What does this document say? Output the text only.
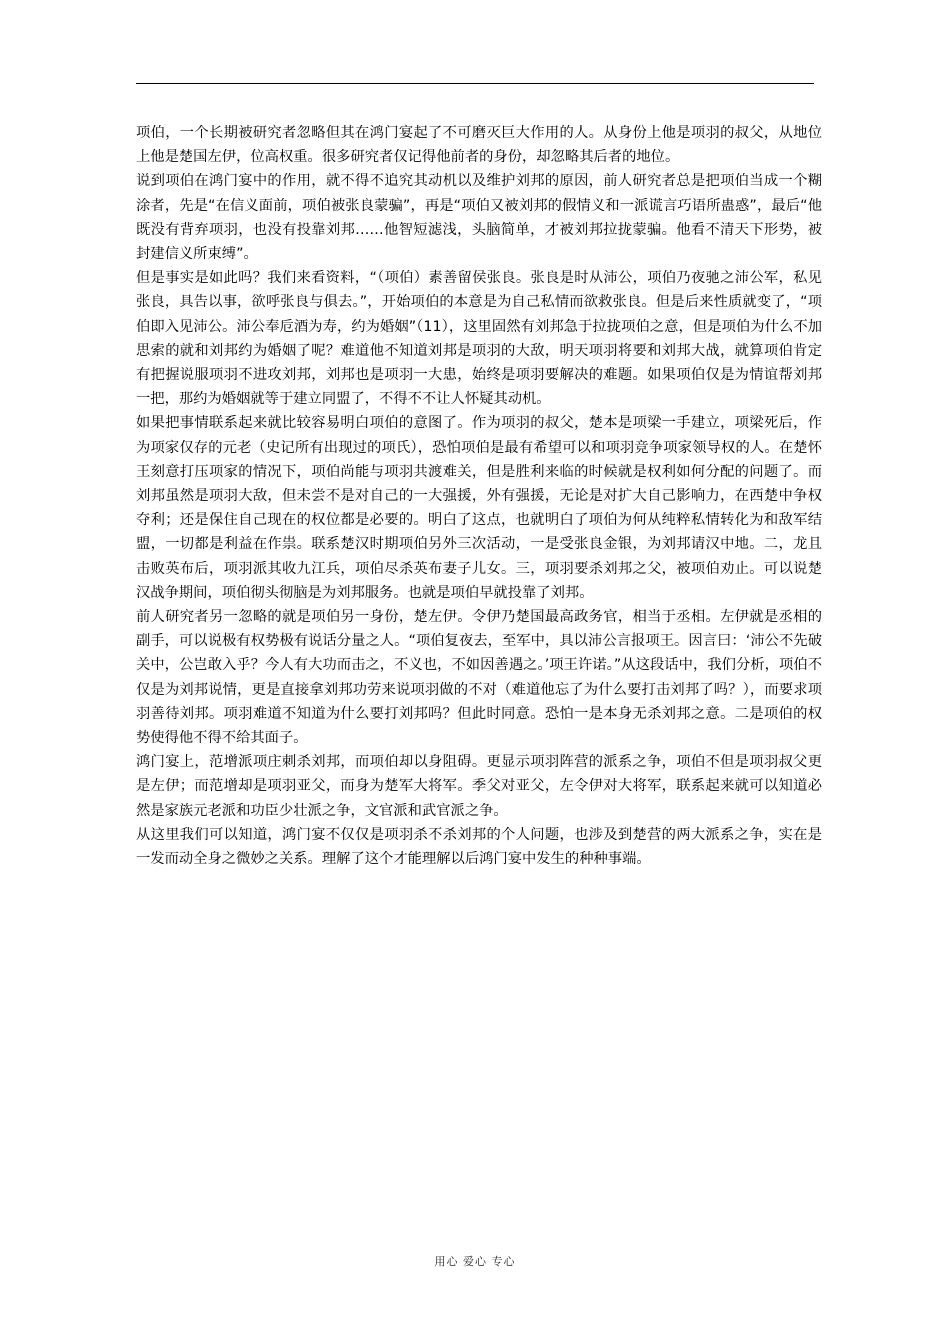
项伯，一个长期被研究者忽略但其在鸿门宴起了不可磨灭巨大作用的人。从身份上他是项羽的叔父，从地位上他是楚国左伊，位高权重。很多研究者仅记得他前者的身份，却忽略其后者的地位。

说到项伯在鸿门宴中的作用，就不得不追究其动机以及维护刘邦的原因，前人研究者总是把项伯当成一个糊涂者，先是“在信义面前，项伯被张良蒙骗”，再是“项伯又被刘邦的假情义和一派谎言巧语所蛊惑”，最后“他既没有背弃项羽，也没有投靠刘邦……他智短滤浅，头脑简单，才被刘邦拉拢蒙骗。他看不清天下形势，被封建信义所束缚”。

但是事实是如此吗？我们来看资料，“（项伯）素善留侯张良。张良是时从沛公，项伯乃夜驰之沛公军，私见张良，具告以事，欲呼张良与俱去。”，开始项伯的本意是为自己私情而欲救张良。但是后来性质就变了，“项伯即入见沛公。沛公奉卮酒为寿，约为婚姻”（11），这里固然有刘邦急于拉拢项伯之意，但是项伯为什么不加思索的就和刘邦约为婚姻了呢？难道他不知道刘邦是项羽的大敌，明天项羽将要和刘邦大战，就算项伯肯定有把握说服项羽不进攻刘邦，刘邦也是项羽一大患，始终是项羽要解决的难题。如果项伯仅是为情谊帮刘邦一把，那约为婚姻就等于建立同盟了，不得不不让人怀疑其动机。

如果把事情联系起来就比较容易明白项伯的意图了。作为项羽的叔父，楚本是项梁一手建立，项梁死后，作为项家仅存的元老（史记所有出现过的项氏），恐怕项伯是最有希望可以和项羽竞争项家领导权的人。在楚怀王刻意打压项家的情况下，项伯尚能与项羽共渡难关，但是胜利来临的时候就是权利如何分配的问题了。而刘邦虽然是项羽大敌，但未尝不是对自己的一大强援，外有强援，无论是对扩大自己影响力，在西楚中争权夺利；还是保住自己现在的权位都是必要的。明白了这点，也就明白了项伯为何从纯粹私情转化为和敌军结盟，一切都是利益在作祟。联系楚汉时期项伯另外三次活动，一是受张良金银，为刘邦请汉中地。二，龙且击败英布后，项羽派其收九江兵，项伯尽杀英布妻子儿女。三，项羽要杀刘邦之父，被项伯劝止。可以说楚汉战争期间，项伯彻头彻脑是为刘邦服务。也就是项伯早就投靠了刘邦。

前人研究者另一忽略的就是项伯另一身份，楚左伊。令伊乃楚国最高政务官，相当于丞相。左伊就是丞相的副手，可以说极有权势极有说话分量之人。“项伯复夜去，至军中，具以沛公言报项王。因言曰：‘沛公不先破关中，公岂敢入乎？今人有大功而击之，不义也，不如因善遇之。’项王许诺。”从这段话中，我们分析，项伯不仅是为刘邦说情，更是直接拿刘邦功劳来说项羽做的不对（难道他忘了为什么要打击刘邦了吗？），而要求项羽善待刘邦。项羽难道不知道为什么要打刘邦吗？但此时同意。恐怕一是本身无杀刘邦之意。二是项伯的权势使得他不得不给其面子。

鸿门宴上，范增派项庄刺杀刘邦，而项伯却以身阻碍。更显示项羽阵营的派系之争，项伯不但是项羽叔父更是左伊；而范增却是项羽亚父，而身为楚军大将军。季父对亚父，左令伊对大将军，联系起来就可以知道必然是家族元老派和功臣少壮派之争，文官派和武官派之争。

从这里我们可以知道，鸿门宴不仅仅是项羽杀不杀刘邦的个人问题，也涉及到楚营的两大派系之争，实在是一发而动全身之微妙之关系。理解了这个才能理解以后鸿门宴中发生的种种事端。

用心 爱心 专心
